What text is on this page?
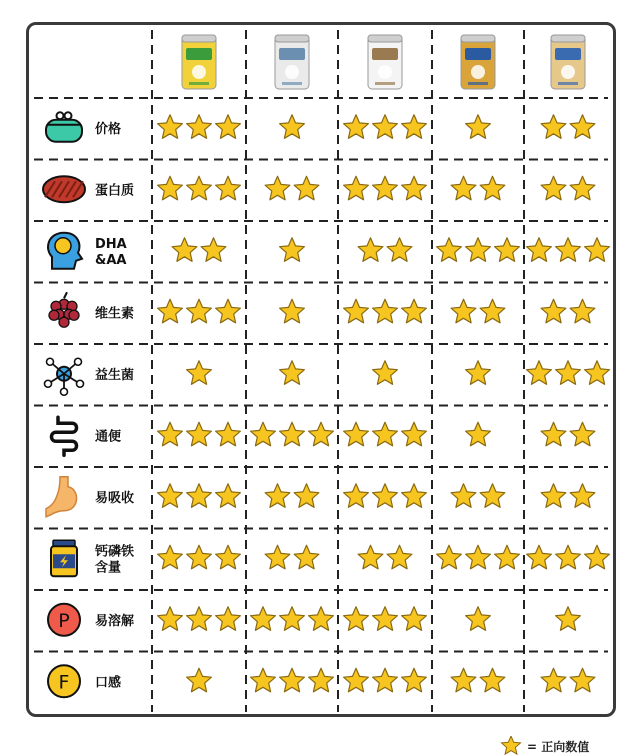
价格
蛋白质
DHA
&AA
维生素
益生菌
通便
易吸收
钙磷铁
含量
P 易溶解
F 口感
= 正向数值
